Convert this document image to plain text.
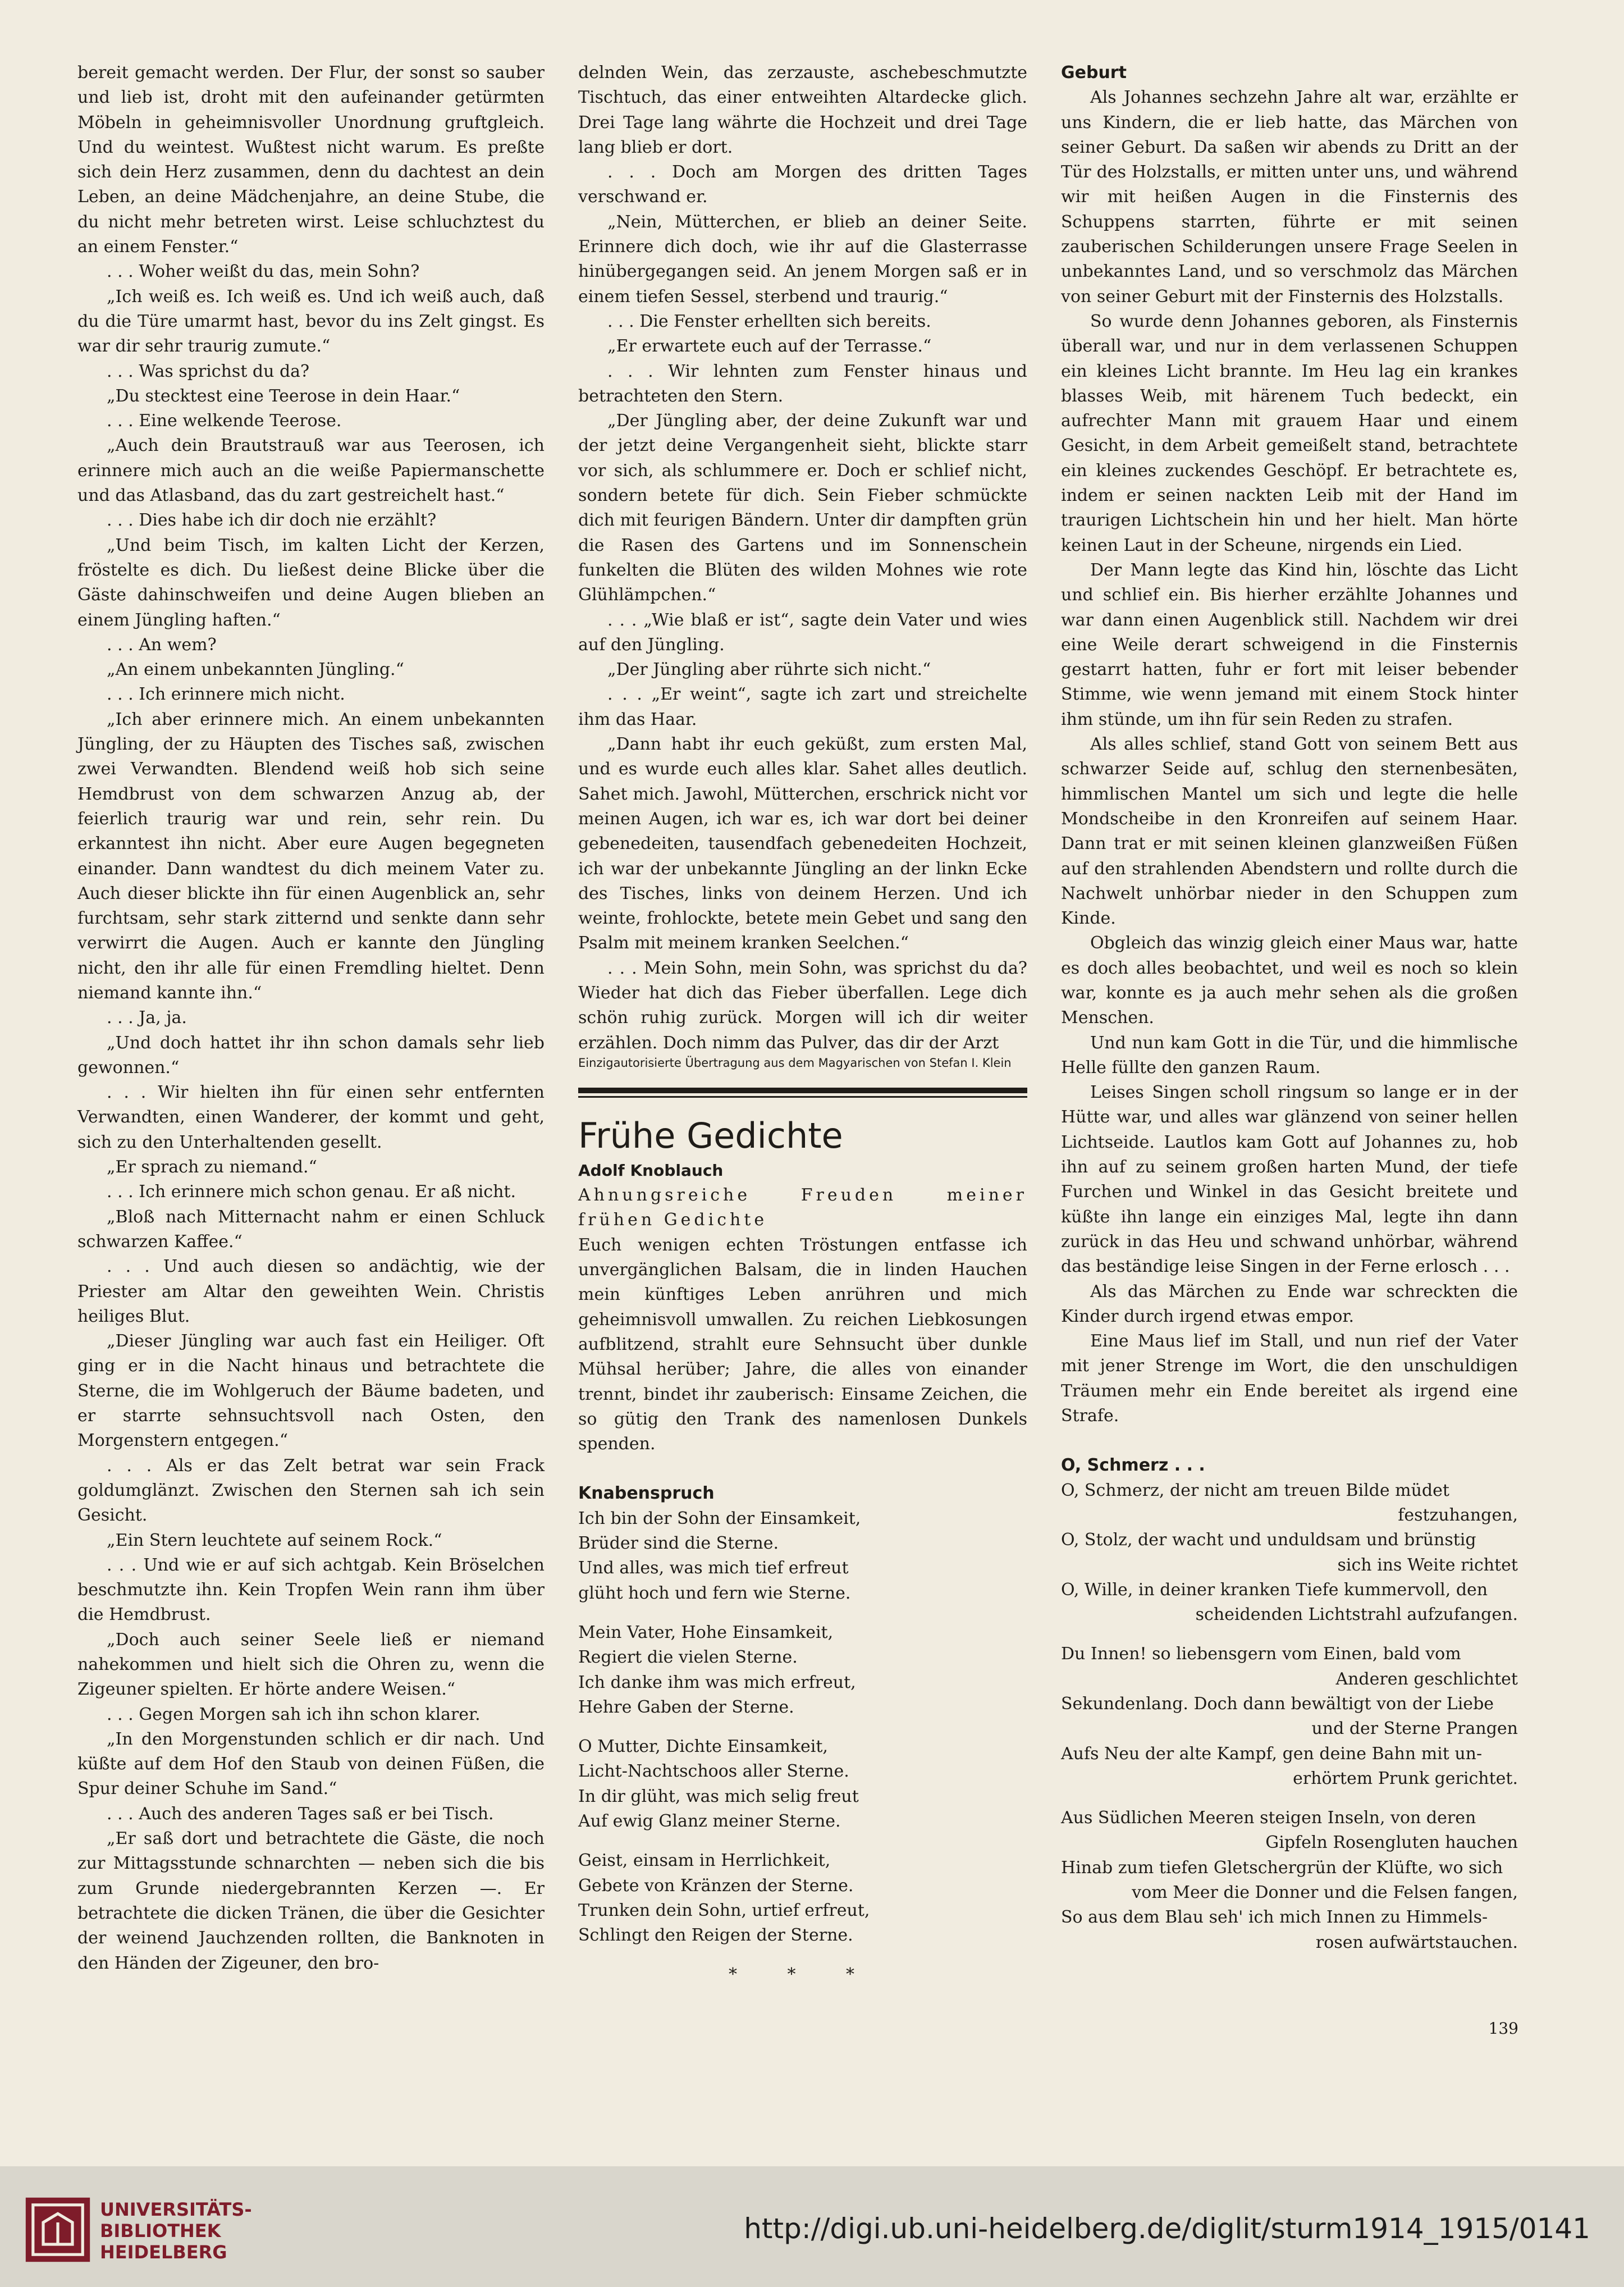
bereit gemacht werden. Der Flur, der sonst so sauber und lieb ist, droht mit den aufeinander getürmten Möbeln in geheimnisvoller Unordnung gruftgleich. Und du weintest. Wußtest nicht warum. Es preßte sich dein Herz zusammen, denn du dachtest an dein Leben, an deine Mädchenjahre, an deine Stube, die du nicht mehr betreten wirst. Leise schluchztest du an einem Fenster.“

. . . Woher weißt du das, mein Sohn?

„Ich weiß es. Ich weiß es. Und ich weiß auch, daß du die Türe umarmt hast, bevor du ins Zelt gingst. Es war dir sehr traurig zumute.“

. . . Was sprichst du da?

„Du stecktest eine Teerose in dein Haar.“

. . . Eine welkende Teerose.

„Auch dein Brautstrauß war aus Teerosen, ich erinnere mich auch an die weiße Papiermanschette und das Atlasband, das du zart gestreichelt hast.“

. . . Dies habe ich dir doch nie erzählt?

„Und beim Tisch, im kalten Licht der Kerzen, fröstelte es dich. Du ließest deine Blicke über die Gäste dahinschweifen und deine Augen blieben an einem Jüngling haften.“

. . . An wem?

„An einem unbekannten Jüngling.“

. . . Ich erinnere mich nicht.

„Ich aber erinnere mich. An einem unbekannten Jüngling, der zu Häupten des Tisches saß, zwischen zwei Verwandten. Blendend weiß hob sich seine Hemdbrust von dem schwarzen Anzug ab, der feierlich traurig war und rein, sehr rein. Du erkanntest ihn nicht. Aber eure Augen begegneten einander. Dann wandtest du dich meinem Vater zu. Auch dieser blickte ihn für einen Augenblick an, sehr furchtsam, sehr stark zitternd und senkte dann sehr verwirrt die Augen. Auch er kannte den Jüngling nicht, den ihr alle für einen Fremdling hieltet. Denn niemand kannte ihn.“

. . . Ja, ja.

„Und doch hattet ihr ihn schon damals sehr lieb gewonnen.“

. . . Wir hielten ihn für einen sehr entfernten Verwandten, einen Wanderer, der kommt und geht, sich zu den Unterhaltenden gesellt.

„Er sprach zu niemand.“

. . . Ich erinnere mich schon genau. Er aß nicht.

„Bloß nach Mitternacht nahm er einen Schluck schwarzen Kaffee.“

. . . Und auch diesen so andächtig, wie der Priester am Altar den geweihten Wein. Christis heiliges Blut.

„Dieser Jüngling war auch fast ein Heiliger. Oft ging er in die Nacht hinaus und betrachtete die Sterne, die im Wohlgeruch der Bäume badeten, und er starrte sehnsuchtsvoll nach Osten, den Morgenstern entgegen.“

. . . Als er das Zelt betrat war sein Frack goldumglänzt. Zwischen den Sternen sah ich sein Gesicht.

„Ein Stern leuchtete auf seinem Rock.“

. . . Und wie er auf sich achtgab. Kein Bröselchen beschmutzte ihn. Kein Tropfen Wein rann ihm über die Hemdbrust.

„Doch auch seiner Seele ließ er niemand nahekommen und hielt sich die Ohren zu, wenn die Zigeuner spielten. Er hörte andere Weisen.“

. . . Gegen Morgen sah ich ihn schon klarer.

„In den Morgenstunden schlich er dir nach. Und küßte auf dem Hof den Staub von deinen Füßen, die Spur deiner Schuhe im Sand.“

. . . Auch des anderen Tages saß er bei Tisch.

„Er saß dort und betrachtete die Gäste, die noch zur Mittagsstunde schnarchten — neben sich die bis zum Grunde niedergebrannten Kerzen —. Er betrachtete die dicken Tränen, die über die Gesichter der weinend Jauchzenden rollten, die Banknoten in den Händen der Zigeuner, den bro-

delnden Wein, das zerzauste, aschebeschmutzte Tischtuch, das einer entweihten Altardecke glich. Drei Tage lang währte die Hochzeit und drei Tage lang blieb er dort.

. . . Doch am Morgen des dritten Tages verschwand er.

„Nein, Mütterchen, er blieb an deiner Seite. Erinnere dich doch, wie ihr auf die Glasterrasse hinübergegangen seid. An jenem Morgen saß er in einem tiefen Sessel, sterbend und traurig.“

. . . Die Fenster erhellten sich bereits.

„Er erwartete euch auf der Terrasse.“

. . . Wir lehnten zum Fenster hinaus und betrachteten den Stern.

„Der Jüngling aber, der deine Zukunft war und der jetzt deine Vergangenheit sieht, blickte starr vor sich, als schlummere er. Doch er schlief nicht, sondern betete für dich. Sein Fieber schmückte dich mit feurigen Bändern. Unter dir dampften grün die Rasen des Gartens und im Sonnenschein funkelten die Blüten des wilden Mohnes wie rote Glühlämpchen.“

. . . „Wie blaß er ist“, sagte dein Vater und wies auf den Jüngling.

„Der Jüngling aber rührte sich nicht.“

. . . „Er weint“, sagte ich zart und streichelte ihm das Haar.

„Dann habt ihr euch geküßt, zum ersten Mal, und es wurde euch alles klar. Sahet alles deutlich. Sahet mich. Jawohl, Mütterchen, erschrick nicht vor meinen Augen, ich war es, ich war dort bei deiner gebenedeiten, tausendfach gebenedeiten Hochzeit, ich war der unbekannte Jüngling an der linkn Ecke des Tisches, links von deinem Herzen. Und ich weinte, frohlockte, betete mein Gebet und sang den Psalm mit meinem kranken Seelchen.“

. . . Mein Sohn, mein Sohn, was sprichst du da? Wieder hat dich das Fieber überfallen. Lege dich schön ruhig zurück. Morgen will ich dir weiter erzählen. Doch nimm das Pulver, das dir der Arzt

Einzigautorisierte Übertragung aus dem Magyarischen von Stefan I. Klein

Frühe Gedichte

Adolf Knoblauch

Ahnungsreiche Freuden meiner frühen Gedichte

Euch wenigen echten Tröstungen entfasse ich unvergänglichen Balsam, die in linden Hauchen mein künftiges Leben anrühren und mich geheimnisvoll umwallen. Zu reichen Liebkosungen aufblitzend, strahlt eure Sehnsucht über dunkle Mühsal herüber; Jahre, die alles von einander trennt, bindet ihr zauberisch: Einsame Zeichen, die so gütig den Trank des namenlosen Dunkels spenden.

Knabenspruch

Ich bin der Sohn der Einsamkeit,

Brüder sind die Sterne.

Und alles, was mich tief erfreut

glüht hoch und fern wie Sterne.

Mein Vater, Hohe Einsamkeit,

Regiert die vielen Sterne.

Ich danke ihm was mich erfreut,

Hehre Gaben der Sterne.

O Mutter, Dichte Einsamkeit,

Licht-Nachtschoos aller Sterne.

In dir glüht, was mich selig freut

Auf ewig Glanz meiner Sterne.

Geist, einsam in Herrlichkeit,

Gebete von Kränzen der Sterne.

Trunken dein Sohn, urtief erfreut,

Schlingt den Reigen der Sterne.

* * *

Geburt

Als Johannes sechzehn Jahre alt war, erzählte er uns Kindern, die er lieb hatte, das Märchen von seiner Geburt. Da saßen wir abends zu Dritt an der Tür des Holzstalls, er mitten unter uns, und während wir mit heißen Augen in die Finsternis des Schuppens starrten, führte er mit seinen zauberischen Schilderungen unsere Frage Seelen in unbekanntes Land, und so verschmolz das Märchen von seiner Geburt mit der Finsternis des Holzstalls.

So wurde denn Johannes geboren, als Finsternis überall war, und nur in dem verlassenen Schuppen ein kleines Licht brannte. Im Heu lag ein krankes blasses Weib, mit härenem Tuch bedeckt, ein aufrechter Mann mit grauem Haar und einem Gesicht, in dem Arbeit gemeißelt stand, betrachtete ein kleines zuckendes Geschöpf. Er betrachtete es, indem er seinen nackten Leib mit der Hand im traurigen Lichtschein hin und her hielt. Man hörte keinen Laut in der Scheune, nirgends ein Lied.

Der Mann legte das Kind hin, löschte das Licht und schlief ein. Bis hierher erzählte Johannes und war dann einen Augenblick still. Nachdem wir drei eine Weile derart schweigend in die Finsternis gestarrt hatten, fuhr er fort mit leiser bebender Stimme, wie wenn jemand mit einem Stock hinter ihm stünde, um ihn für sein Reden zu strafen.

Als alles schlief, stand Gott von seinem Bett aus schwarzer Seide auf, schlug den sternenbesäten, himmlischen Mantel um sich und legte die helle Mondscheibe in den Kronreifen auf seinem Haar. Dann trat er mit seinen kleinen glanzweißen Füßen auf den strahlenden Abendstern und rollte durch die Nachwelt unhörbar nieder in den Schuppen zum Kinde.

Obgleich das winzig gleich einer Maus war, hatte es doch alles beobachtet, und weil es noch so klein war, konnte es ja auch mehr sehen als die großen Menschen.

Und nun kam Gott in die Tür, und die himmlische Helle füllte den ganzen Raum.

Leises Singen scholl ringsum so lange er in der Hütte war, und alles war glänzend von seiner hellen Lichtseide. Lautlos kam Gott auf Johannes zu, hob ihn auf zu seinem großen harten Mund, der tiefe Furchen und Winkel in das Gesicht breitete und küßte ihn lange ein einziges Mal, legte ihn dann zurück in das Heu und schwand unhörbar, während das beständige leise Singen in der Ferne erlosch . . .

Als das Märchen zu Ende war schreckten die Kinder durch irgend etwas empor.

Eine Maus lief im Stall, und nun rief der Vater mit jener Strenge im Wort, die den unschuldigen Träumen mehr ein Ende bereitet als irgend eine Strafe.

O, Schmerz . . .

O, Schmerz, der nicht am treuen Bilde müdet

festzuhangen,

O, Stolz, der wacht und unduldsam und brünstig

sich ins Weite richtet

O, Wille, in deiner kranken Tiefe kummervoll, den

scheidenden Lichtstrahl aufzufangen.

Du Innen! so liebensgern vom Einen, bald vom

Anderen geschlichtet

Sekundenlang. Doch dann bewältigt von der Liebe

und der Sterne Prangen

Aufs Neu der alte Kampf, gen deine Bahn mit un-

erhörtem Prunk gerichtet.

Aus Südlichen Meeren steigen Inseln, von deren

Gipfeln Rosengluten hauchen

Hinab zum tiefen Gletschergrün der Klüfte, wo sich

vom Meer die Donner und die Felsen fangen,

So aus dem Blau seh' ich mich Innen zu Himmels-

rosen aufwärtstauchen.

139
UNIVERSITÄTS-
BIBLIOTHEK
HEIDELBERG
http://digi.ub.uni-heidelberg.de/diglit/sturm1914_1915/0141
